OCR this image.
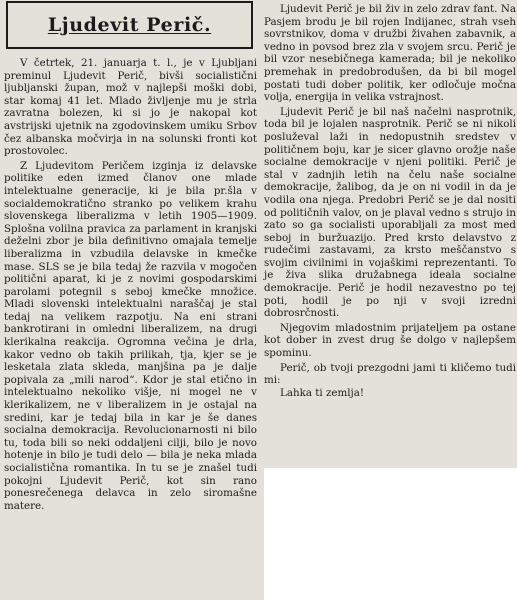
Ljudevit Perič.

V četrtek, 21. januarja t. l., je v Ljubljani preminul Ljudevit Perič, bivši socialistični ljubljanski župan, mož v najlepši moški dobi, star komaj 41 let. Mlado življenje mu je strla zavratna bolezen, ki si jo je nakopal kot avstrijski ujetnik na zgodovinskem umiku Srbov čez albanska močvirja in na solunski fronti kot prostovolec.

Z Ljudevitom Peričem izginja iz delavske politike eden izmed članov one mlade intelektualne generacije, ki je bila pr.šla v socialdemokratično stranko po velikem krahu slovenskega liberalizma v letih 1905—1909. Splošna volilna pravica za parlament in kranjski deželni zbor je bila definitivno omajala temelje liberalizma in vzbudila delavske in kmečke mase. SLS se je bila tedaj že razvila v mogočen politični aparat, ki je z novimi gospodarskimi parolami potegnil s seboj kmečke množice. Mladi slovenski intelektualni naraščaj je stal tedaj na velikem razpotju. Na eni strani bankrotirani in omledni liberalizem, na drugi klerikalna reakcija. Ogromna večina je drla, kakor vedno ob takih prilikah, tja, kjer se je lesketala zlata skleda, manjšina pa je dalje popivala za „mili narod“. Kdor je stal etično in intelektualno nekoliko višje, ni mogel ne v klerikalizem, ne v liberalizem in je ostajal na sredini, kar je tedaj bila in kar je še danes socialna demokracija. Revolucionarnosti ni bilo tu, toda bili so neki oddaljeni cilji, bilo je novo hotenje in bilo je tudi delo — bila je neka mlada socialistična romantika. In tu se je znašel tudi pokojni Ljudevit Perič, kot sin rano ponesrečenega delavca in zelo siromašne matere.

Ljudevit Perič je bil živ in zelo zdrav fant. Na Pasjem brodu je bil rojen Indijanec, strah vseh sovrstnikov, doma v družbi živahen zabavnik, a vedno in povsod brez zla v svojem srcu. Perič je bil vzor nesebičnega kamerada; bil je nekoliko premehak in predobrodušen, da bi bil mogel postati tudi dober politik, ker odločuje močna volja, energija in velika vstrajnost.

Ljudevit Perič je bil naš načelni nasprotnik, toda bil je lojalen nasprotnik. Perič se ni nikoli posluževal laži in nedopustnih sredstev v političnem boju, kar je sicer glavno orožje naše socialne demokracije v njeni politiki. Perič je stal v zadnjih letih na čelu naše socialne demokracije, žalibog, da je on ni vodil in da je vodila ona njega. Predobri Perič se je dal nositi od političnih valov, on je plaval vedno s strujo in zato so ga socialisti uporabljali za most med seboj in buržuazijo. Pred krsto delavstvo z rudečimi zastavami, za krsto meščanstvo s svojim civilnimi in vojaškimi reprezentanti. To je živa slika družabnega ideala socialne demokracije. Perič je hodil nezavestno po tej poti, hodil je po nji v svoji izredni dobrosrčnosti.

Njegovim mladostnim prijateljem pa ostane kot dober in zvest drug še dolgo v najlepšem spominu.

Perič, ob tvoji prezgodni jami ti kličemo tudi mi:

Lahka ti zemlja!
